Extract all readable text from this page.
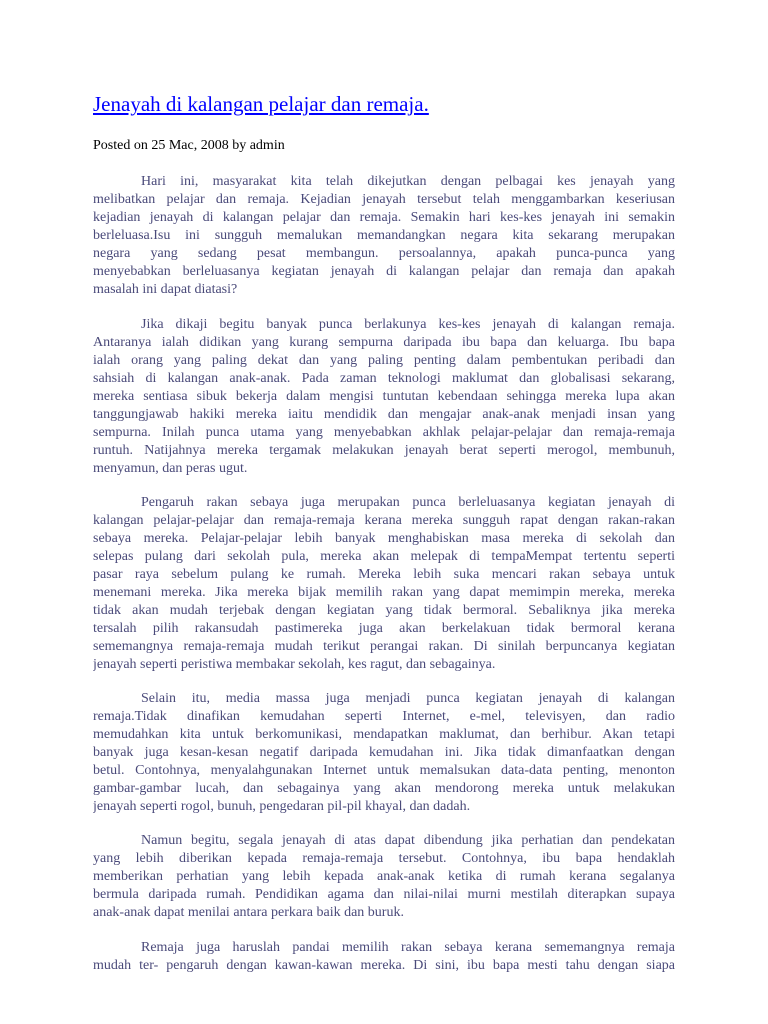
Jenayah di kalangan pelajar dan remaja.

Posted on 25 Mac, 2008 by admin

Hari ini, masyarakat kita telah dikejutkan dengan pelbagai kes jenayah yang
melibatkan pelajar dan remaja. Kejadian jenayah tersebut telah menggambarkan keseriusan
kejadian jenayah di kalangan pelajar dan remaja. Semakin hari kes-kes jenayah ini semakin
berleluasa.Isu ini sungguh memalukan memandangkan negara kita sekarang merupakan
negara yang sedang pesat membangun. persoalannya, apakah punca-punca yang
menyebabkan berleluasanya kegiatan jenayah di kalangan pelajar dan remaja dan apakah
masalah ini dapat diatasi?
Jika dikaji begitu banyak punca berlakunya kes-kes jenayah di kalangan remaja.
Antaranya ialah didikan yang kurang sempurna daripada ibu bapa dan keluarga. Ibu bapa
ialah orang yang paling dekat dan yang paling penting dalam pembentukan peribadi dan
sahsiah di kalangan anak-anak. Pada zaman teknologi maklumat dan globalisasi sekarang,
mereka sentiasa sibuk bekerja dalam mengisi tuntutan kebendaan sehingga mereka lupa akan
tanggungjawab hakiki mereka iaitu mendidik dan mengajar anak-anak menjadi insan yang
sempurna. Inilah punca utama yang menyebabkan akhlak pelajar-pelajar dan remaja-remaja
runtuh. Natijahnya mereka tergamak melakukan jenayah berat seperti merogol, membunuh,
menyamun, dan peras ugut.
Pengaruh rakan sebaya juga merupakan punca berleluasanya kegiatan jenayah di
kalangan pelajar-pelajar dan remaja-remaja kerana mereka sungguh rapat dengan rakan-rakan
sebaya mereka. Pelajar-pelajar lebih banyak menghabiskan masa mereka di sekolah dan
selepas pulang dari sekolah pula, mereka akan melepak di tempaMempat tertentu seperti
pasar raya sebelum pulang ke rumah. Mereka lebih suka mencari rakan sebaya untuk
menemani mereka. Jika mereka bijak memilih rakan yang dapat memimpin mereka, mereka
tidak akan mudah terjebak dengan kegiatan yang tidak bermoral. Sebaliknya jika mereka
tersalah pilih rakansudah pastimereka juga akan berkelakuan tidak bermoral kerana
sememangnya remaja-remaja mudah terikut perangai rakan. Di sinilah berpuncanya kegiatan
jenayah seperti peristiwa membakar sekolah, kes ragut, dan sebagainya.
Selain itu, media massa juga menjadi punca kegiatan jenayah di kalangan
remaja.Tidak dinafikan kemudahan seperti Internet, e-mel, televisyen, dan radio
memudahkan kita untuk berkomunikasi, mendapatkan maklumat, dan berhibur. Akan tetapi
banyak juga kesan-kesan negatif daripada kemudahan ini. Jika tidak dimanfaatkan dengan
betul. Contohnya, menyalahgunakan Internet untuk memalsukan data-data penting, menonton
gambar-gambar lucah, dan sebagainya yang akan mendorong mereka untuk melakukan
jenayah seperti rogol, bunuh, pengedaran pil-pil khayal, dan dadah.
Namun begitu, segala jenayah di atas dapat dibendung jika perhatian dan pendekatan
yang lebih diberikan kepada remaja-remaja tersebut. Contohnya, ibu bapa hendaklah
memberikan perhatian yang lebih kepada anak-anak ketika di rumah kerana segalanya
bermula daripada rumah. Pendidikan agama dan nilai-nilai murni mestilah diterapkan supaya
anak-anak dapat menilai antara perkara baik dan buruk.
Remaja juga haruslah pandai memilih rakan sebaya kerana sememangnya remaja
mudah ter- pengaruh dengan kawan-kawan mereka. Di sini, ibu bapa mesti tahu dengan siapa
